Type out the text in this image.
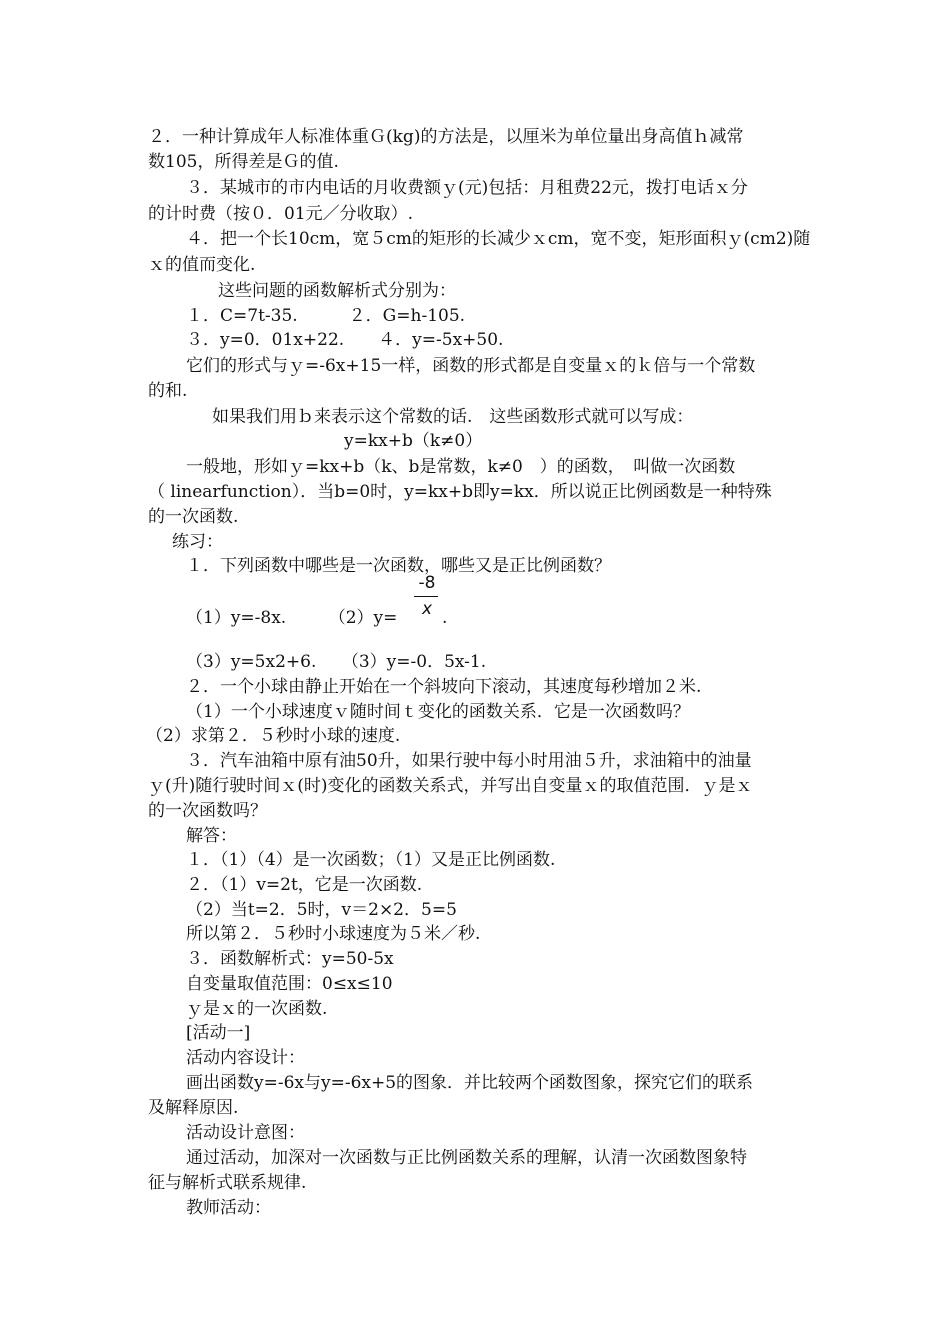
２．一种计算成年人标准体重Ｇ(kg)的方法是，以厘米为单位量出身高值ｈ减常
数105，所得差是Ｇ的值.
３．某城市的市内电话的月收费额ｙ(元)包括：月租费22元，拨打电话ｘ分
的计时费（按０．01元／分收取）.
４．把一个长10cm，宽５cm的矩形的长减少ｘcm，宽不变，矩形面积ｙ(cm2)随
ｘ的值而变化.
这些问题的函数解析式分别为：
１．C=7t-35.　　　２．G=h-105.
３．y=0．01x+22.　　４．y=-5x+50.
它们的形式与ｙ=-6x+15一样，函数的形式都是自变量ｘ的ｋ倍与一个常数
的和.
如果我们用ｂ来表示这个常数的话.　这些函数形式就可以写成：
y=kx+b（k≠0）
一般地，形如ｙ=kx+b（k、b是常数，k≠0　）的函数，　叫做一次函数
（ linearfunction）．当b=0时，y=kx+b即y=kx．所以说正比例函数是一种特殊
的一次函数.
练习：
１．下列函数中哪些是一次函数，哪些又是正比例函数？
（1）y=-8x.　　　（2）y=
-8
x .
（3）y=5x2+6.　　（3）y=-0．5x-1.
２．一个小球由静止开始在一个斜坡向下滚动，其速度每秒增加２米.
（1）一个小球速度ｖ随时间ｔ变化的函数关系．它是一次函数吗？
（2）求第２．５秒时小球的速度.
３．汽车油箱中原有油50升，如果行驶中每小时用油５升，求油箱中的油量
ｙ(升)随行驶时间ｘ(时)变化的函数关系式，并写出自变量ｘ的取值范围．ｙ是ｘ
的一次函数吗？
解答：
１．（1）（4）是一次函数；（1）又是正比例函数.
２．（1）v=2t，它是一次函数.
（2）当t=2．5时，v＝2×2．5=5
所以第２．５秒时小球速度为５米／秒.
３．函数解析式：y=50-5x
自变量取值范围：0≤x≤10
ｙ是ｘ的一次函数.
[活动一]
活动内容设计：
画出函数y=-6x与y=-6x+5的图象．并比较两个函数图象，探究它们的联系
及解释原因.
活动设计意图：
通过活动，加深对一次函数与正比例函数关系的理解，认清一次函数图象特
征与解析式联系规律.
教师活动：
